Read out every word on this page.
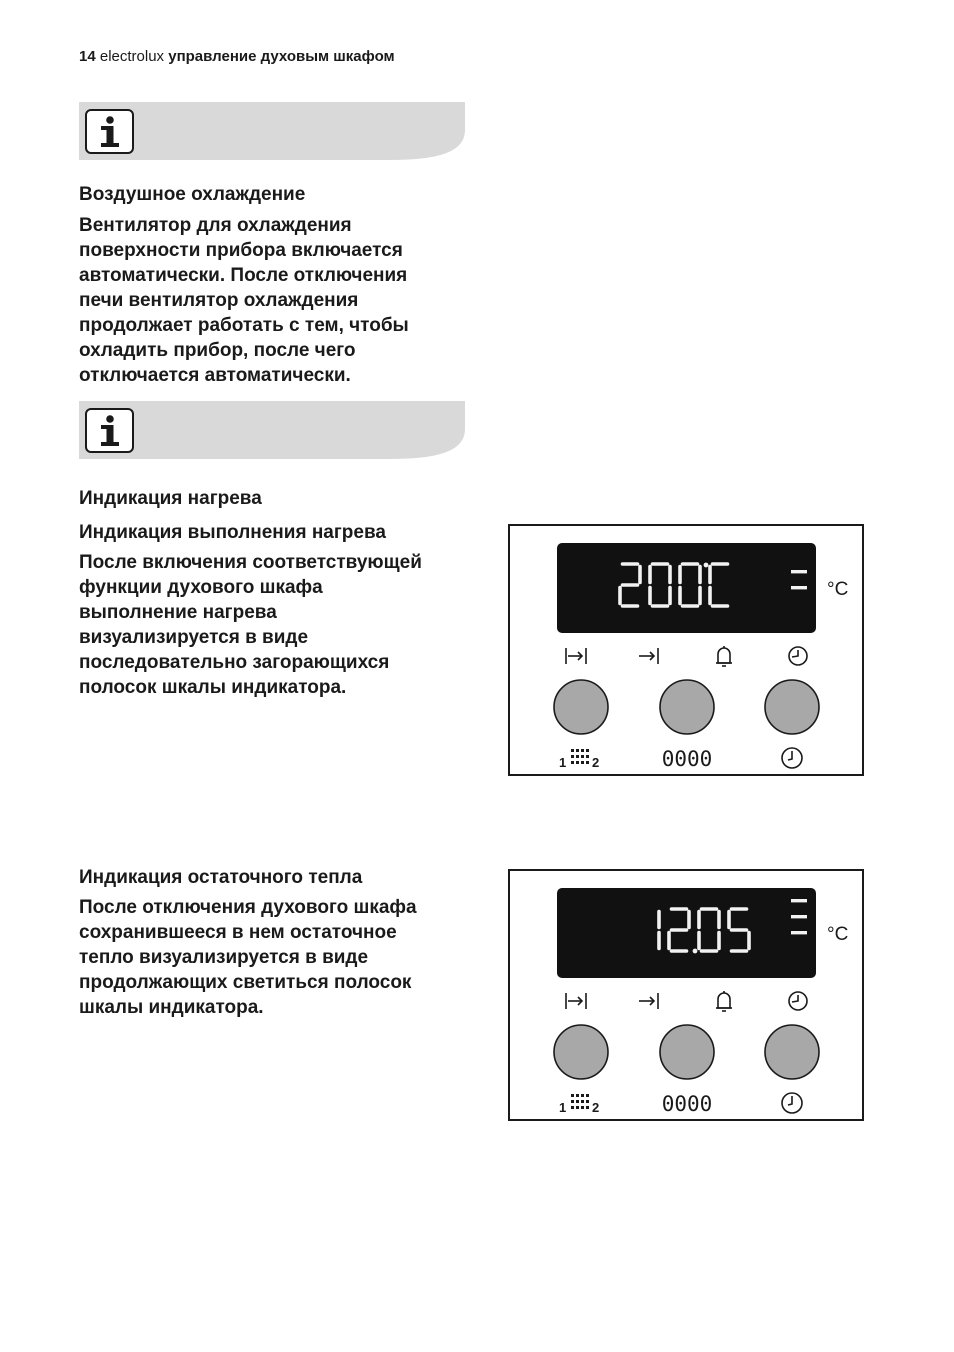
14 electrolux управление духовым шкафом
Воздушное охлаждение
Вентилятор для охлаждения
поверхности прибора включается
автоматически. После отключения
печи вентилятор охлаждения
продолжает работать с тем, чтобы
охладить прибор, после чего
отключается автоматически.
Индикация нагрева
Индикация выполнения нагрева
После включения соответствующей
функции духового шкафа
выполнение нагрева
визуализируется в виде
последовательно загорающихся
полосок шкалы индикатора.
Индикация остаточного тепла
После отключения духового шкафа
сохранившееся в нем остаточное
тепло визуализируется в виде
продолжающих светиться полосок
шкалы индикатора.
°C
1 2	0000
°C
1 2	0000
